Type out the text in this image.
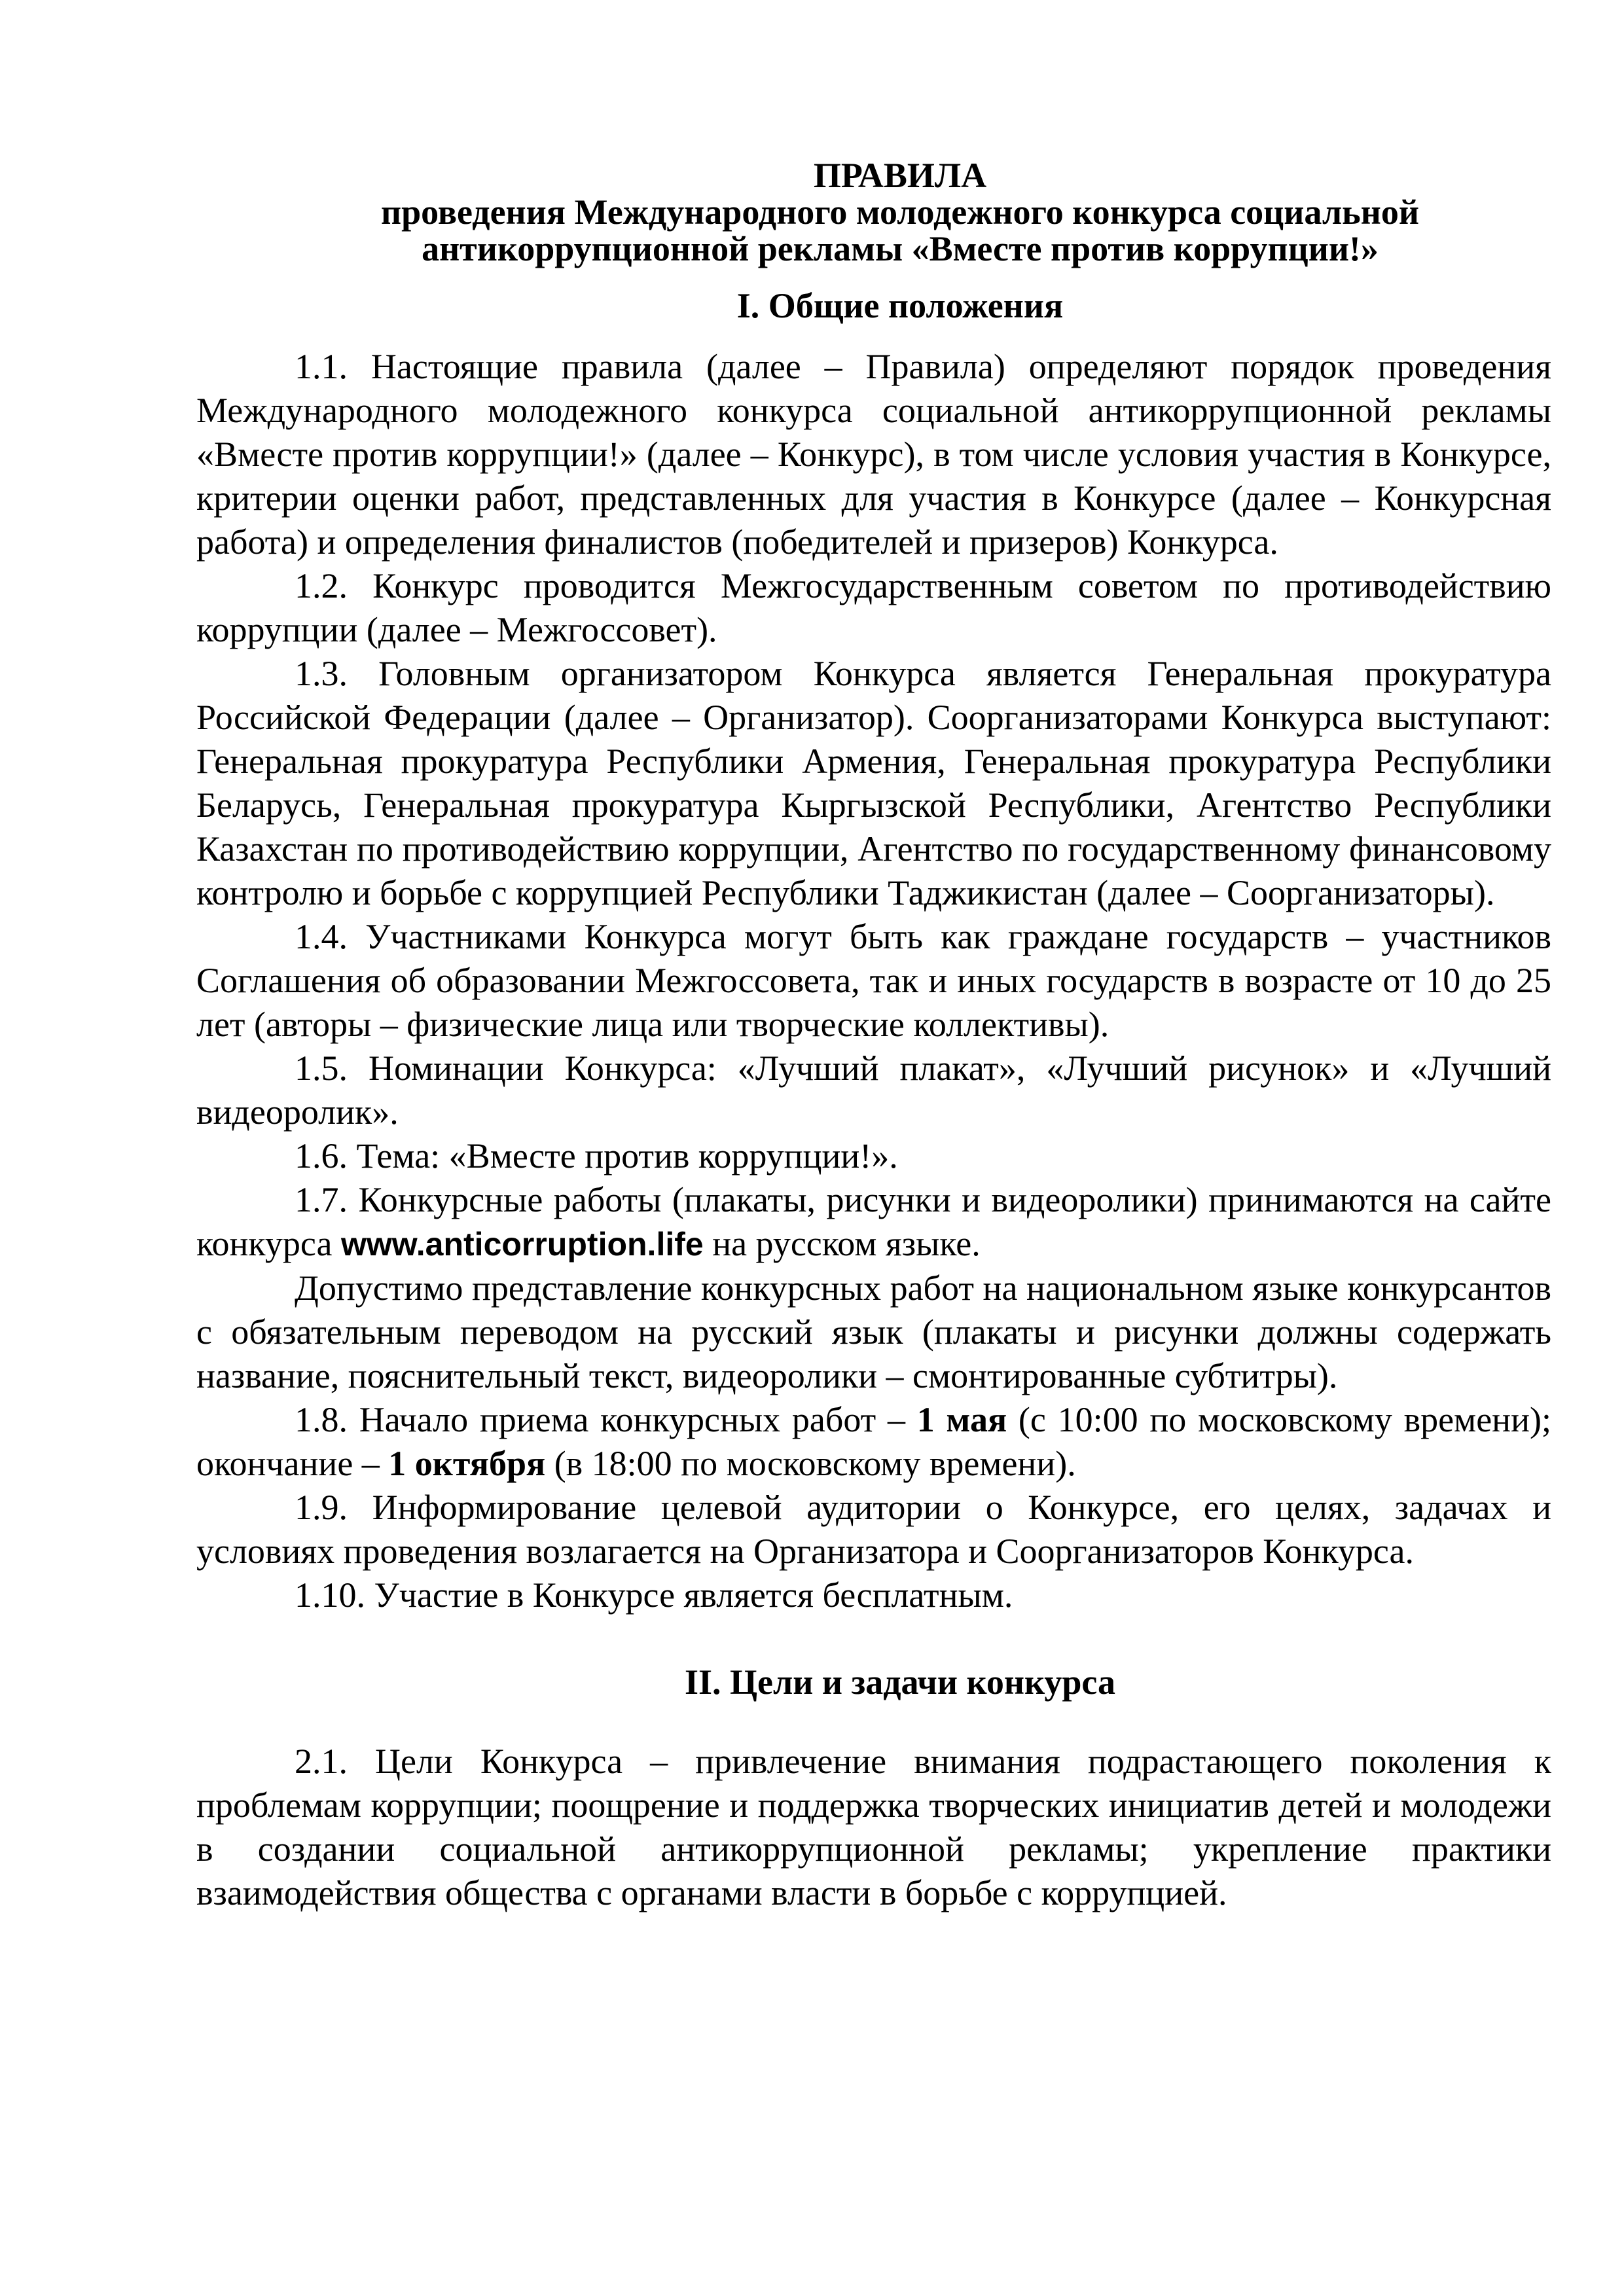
ПРАВИЛА
проведения Международного молодежного конкурса социальной
антикоррупционной рекламы «Вместе против коррупции!»
I. Общие положения

1.1. Настоящие правила (далее – Правила) определяют порядок проведения Международного молодежного конкурса социальной антикоррупционной рекламы «Вместе против коррупции!» (далее – Конкурс), в том числе условия участия в Конкурсе, критерии оценки работ, представленных для участия в Конкурсе (далее – Конкурсная работа) и определения финалистов (победителей и призеров) Конкурса.

1.2. Конкурс проводится Межгосударственным советом по противодействию коррупции (далее – Межгоссовет).

1.3. Головным организатором Конкурса является Генеральная прокуратура Российской Федерации (далее – Организатор). Соорганизаторами Конкурса выступают: Генеральная прокуратура Республики Армения, Генеральная прокуратура Республики Беларусь, Генеральная прокуратура Кыргызской Республики, Агентство Республики Казахстан по противодействию коррупции, Агентство по государственному финансовому контролю и борьбе с коррупцией Республики Таджикистан (далее – Соорганизаторы).

1.4. Участниками Конкурса могут быть как граждане государств – участников Соглашения об образовании Межгоссовета, так и иных государств в возрасте от 10 до 25 лет (авторы – физические лица или творческие коллективы).

1.5. Номинации Конкурса: «Лучший плакат», «Лучший рисунок» и «Лучший видеоролик».

1.6. Тема: «Вместе против коррупции!».

1.7. Конкурсные работы (плакаты, рисунки и видеоролики) принимаются на сайте конкурса www.anticorruption.life на русском языке.

Допустимо представление конкурсных работ на национальном языке конкурсантов с обязательным переводом на русский язык (плакаты и рисунки должны содержать название, пояснительный текст, видеоролики – смонтированные субтитры).

1.8. Начало приема конкурсных работ – 1 мая (с 10:00 по московскому времени); окончание – 1 октября (в 18:00 по московскому времени).

1.9. Информирование целевой аудитории о Конкурсе, его целях, задачах и условиях проведения возлагается на Организатора и Соорганизаторов Конкурса.

1.10. Участие в Конкурсе является бесплатным.

II. Цели и задачи конкурса

2.1. Цели Конкурса – привлечение внимания подрастающего поколения к проблемам коррупции; поощрение и поддержка творческих инициатив детей и молодежи в создании социальной антикоррупционной рекламы; укрепление практики взаимодействия общества с органами власти в борьбе с коррупцией.
